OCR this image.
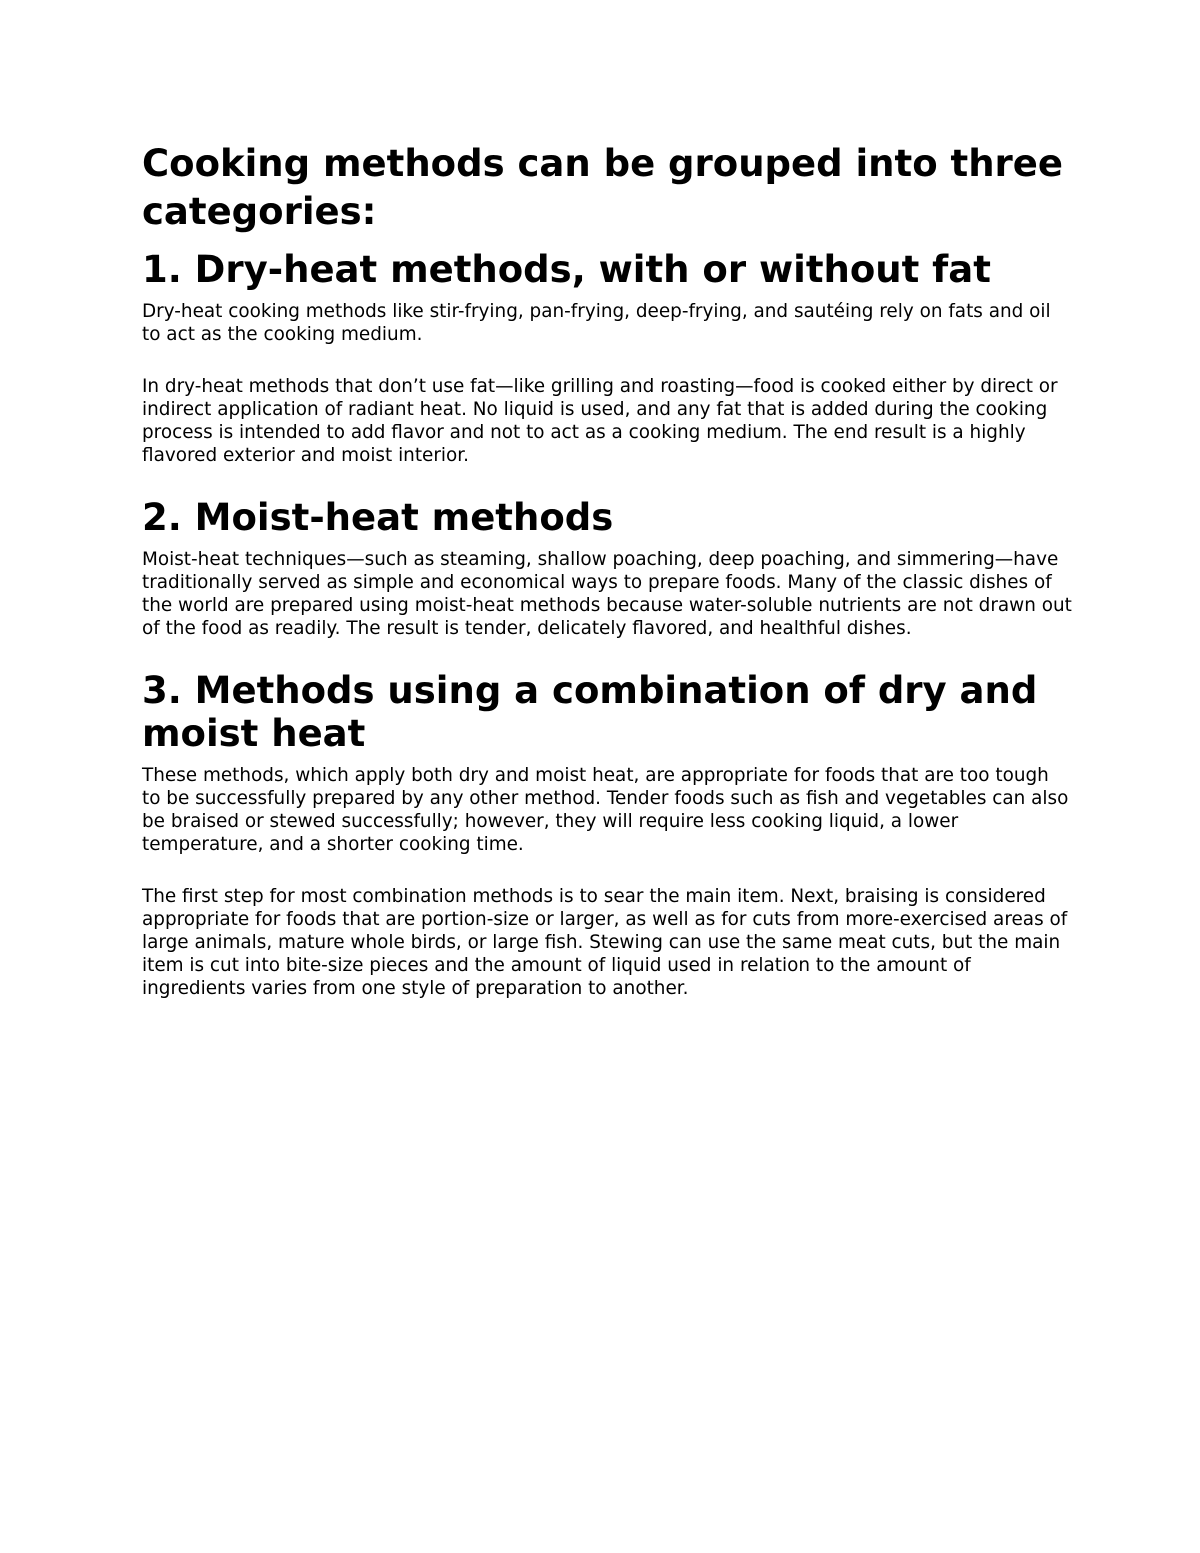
Cooking methods can be grouped into three categories:
1. Dry-heat methods, with or without fat

Dry-heat cooking methods like stir-frying, pan-frying, deep-frying, and sautéing rely on fats and oil to act as the cooking medium.

In dry-heat methods that don’t use fat—like grilling and roasting—food is cooked either by direct or indirect application of radiant heat. No liquid is used, and any fat that is added during the cooking process is intended to add flavor and not to act as a cooking medium. The end result is a highly flavored exterior and moist interior.

2. Moist-heat methods

Moist-heat techniques—such as steaming, shallow poaching, deep poaching, and simmering—have traditionally served as simple and economical ways to prepare foods. Many of the classic dishes of the world are prepared using moist-heat methods because water-soluble nutrients are not drawn out of the food as readily. The result is tender, delicately flavored, and healthful dishes.

3. Methods using a combination of dry and moist heat

These methods, which apply both dry and moist heat, are appropriate for foods that are too tough to be successfully prepared by any other method. Tender foods such as fish and vegetables can also be braised or stewed successfully; however, they will require less cooking liquid, a lower temperature, and a shorter cooking time.

The first step for most combination methods is to sear the main item. Next, braising is considered appropriate for foods that are portion-size or larger, as well as for cuts from more-exercised areas of large animals, mature whole birds, or large fish. Stewing can use the same meat cuts, but the main item is cut into bite-size pieces and the amount of liquid used in relation to the amount of ingredients varies from one style of preparation to another.
